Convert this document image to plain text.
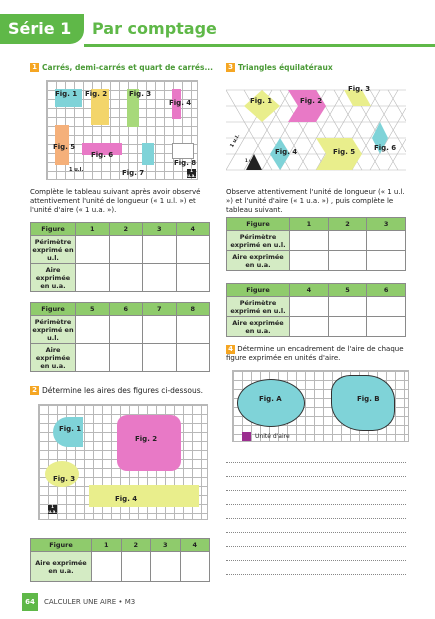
Série 1	Par comptage
1 Carrés, demi-carrés et quart de carrés...
Fig. 1 Fig. 2	Fig. 3
Fig. 4
Fig. 5
Fig. 6
Fig. 7
Fig. 8
1 u.l.	1 u.a.
Complète le tableau suivant après avoir observé attentivement l'unité de longueur (« 1 u.l. ») et l'unité d'aire (« 1 u.a. »).
Figure	1	2	3	4
Périmètre exprimé en u.l.				
Aire exprimée en u.a.				
Figure	5	6	7	8
Périmètre exprimé en u.l.				
Aire exprimée en u.a.				
2 Détermine les aires des figures ci-dessous.
Fig. 1
Fig. 2
Fig. 3
Fig. 4
1 u.a.
Figure	1	2	3	4
Aire exprimée en u.a.				
3 Triangles équilatéraux
Fig. 1	Fig. 2
Fig. 3
Fig. 4	Fig. 5	Fig. 6
1 u.l.
1 u.a.
Observe attentivement l'unité de longueur (« 1 u.l. ») et l'unité d'aire (« 1 u.a. ») , puis complète le tableau suivant.
Figure	1	2	3
Périmètre exprimé en u.l.			
Aire exprimée en u.a.			
Figure	4	5	6
Périmètre exprimé en u.l.			
Aire exprimée en u.a.			
4 Détermine un encadrement de l'aire de chaque figure exprimée en unités d'aire.
Fig. A	Fig. B
Unité d'aire
64	CALCULER UNE AIRE • M3
